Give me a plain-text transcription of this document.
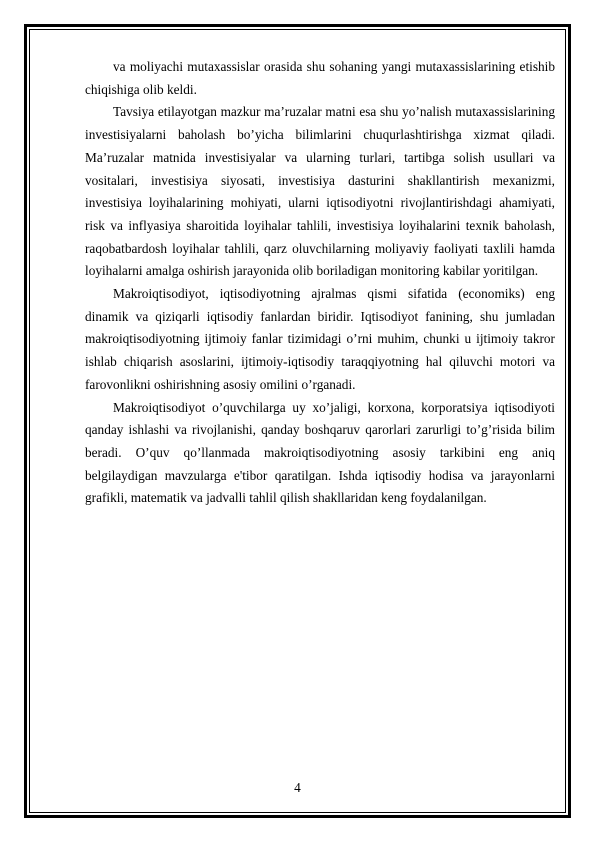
va moliyachi mutaxassislar orasida shu sohaning yangi mutaxassislarining etishib chiqishiga olib keldi.

Tavsiya etilayotgan mazkur ma’ruzalar matni esa shu yo’nalish mutaxassislarining investisiyalarni baholash bo’yicha bilimlarini chuqurlashtirishga xizmat qiladi. Ma’ruzalar matnida investisiyalar va ularning turlari, tartibga solish usullari va vositalari, investisiya siyosati, investisiya dasturini shakllantirish mexanizmi, investisiya loyihalarining mohiyati, ularni iqtisodiyotni rivojlantirishdagi ahamiyati, risk va inflyasiya sharoitida loyihalar tahlili, investisiya loyihalarini texnik baholash, raqobatbardosh loyihalar tahlili, qarz oluvchilarning moliyaviy faoliyati taxlili hamda loyihalarni amalga oshirish jarayonida olib boriladigan monitoring kabilar yoritilgan.

Makroiqtisodiyot, iqtisodiyotning ajralmas qismi sifatida (economiks) eng dinamik va qiziqarli iqtisodiy fanlardan biridir. Iqtisodiyot fanining, shu jumladan makroiqtisodiyotning ijtimoiy fanlar tizimidagi o’rni muhim, chunki u ijtimoiy takror ishlab chiqarish asoslarini, ijtimoiy-iqtisodiy taraqqiyotning hal qiluvchi motori va farovonlikni oshirishning asosiy omilini o’rganadi.

Makroiqtisodiyot o’quvchilarga uy xo’jaligi, korxona, korporatsiya iqtisodiyoti qanday ishlashi va rivojlanishi, qanday boshqaruv qarorlari zarurligi to’g’risida bilim beradi. O’quv qo’llanmada makroiqtisodiyotning asosiy tarkibini eng aniq belgilaydigan mavzularga e'tibor qaratilgan. Ishda iqtisodiy hodisa va jarayonlarni grafikli, matematik va jadvalli tahlil qilish shakllaridan keng foydalanilgan.

4
